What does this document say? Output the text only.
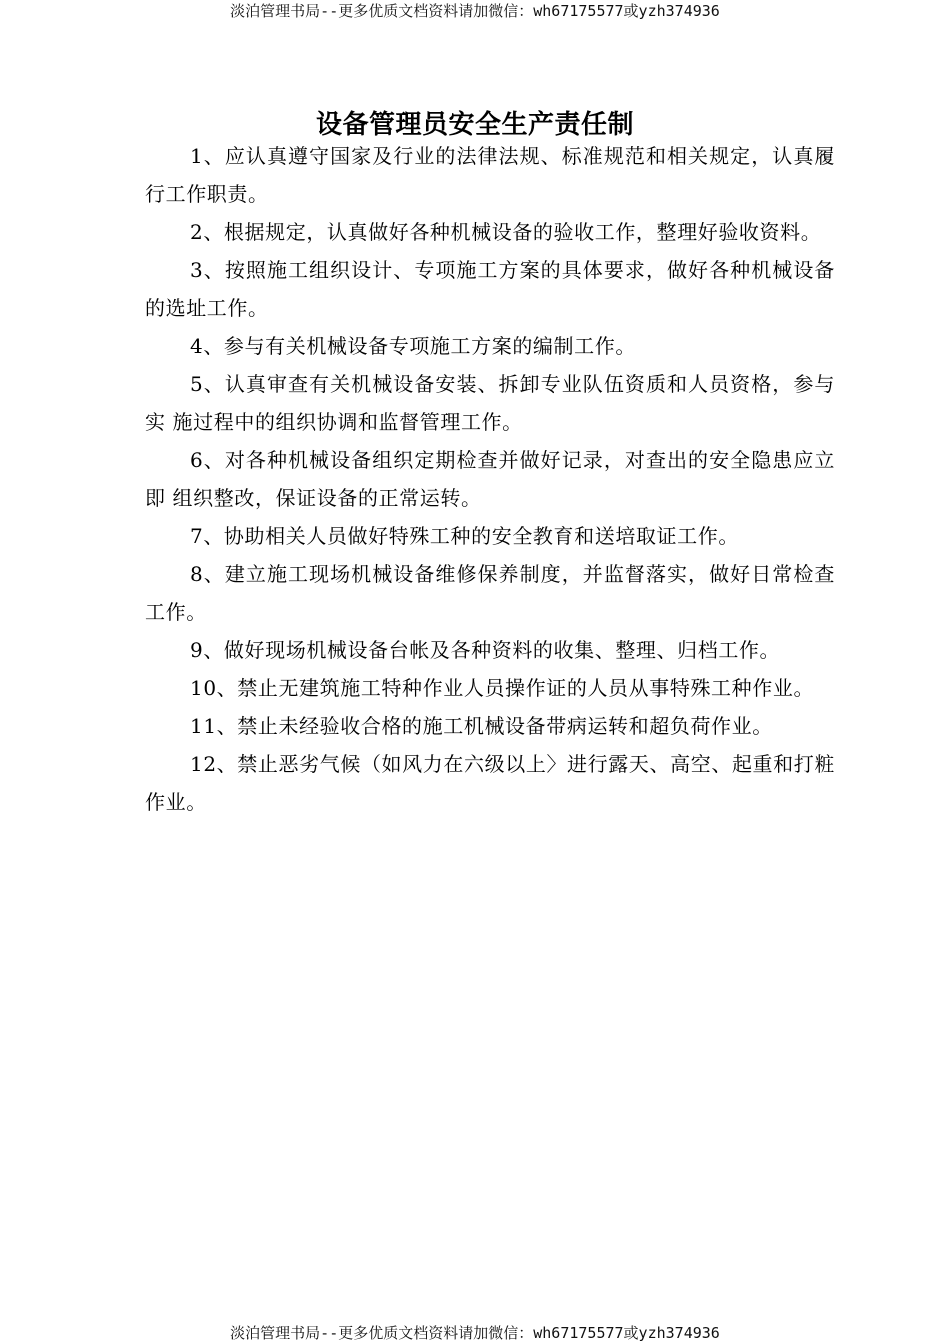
淡泊管理书局--更多优质文档资料请加微信：wh67175577或yzh374936
设备管理员安全生产责任制
1、应认真遵守国家及行业的法律法规、标准规范和相关规定，认真履行工作职责。
2、根据规定，认真做好各种机械设备的验收工作，整理好验收资料。
3、按照施工组织设计、专项施工方案的具体要求，做好各种机械设备的选址工作。
4、参与有关机械设备专项施工方案的编制工作。
5、认真审查有关机械设备安装、拆卸专业队伍资质和人员资格，参与实 施过程中的组织协调和监督管理工作。
6、对各种机械设备组织定期检查并做好记录，对查出的安全隐患应立即 组织整改，保证设备的正常运转。
7、协助相关人员做好特殊工种的安全教育和送培取证工作。
8、建立施工现场机械设备维修保养制度，并监督落实，做好日常检查工作。
9、做好现场机械设备台帐及各种资料的收集、整理、归档工作。
10、禁止无建筑施工特种作业人员操作证的人员从事特殊工种作业。
11、禁止未经验收合格的施工机械设备带病运转和超负荷作业。
12、禁止恶劣气候（如风力在六级以上〉进行露天、高空、起重和打粧作业。
淡泊管理书局--更多优质文档资料请加微信：wh67175577或yzh374936
